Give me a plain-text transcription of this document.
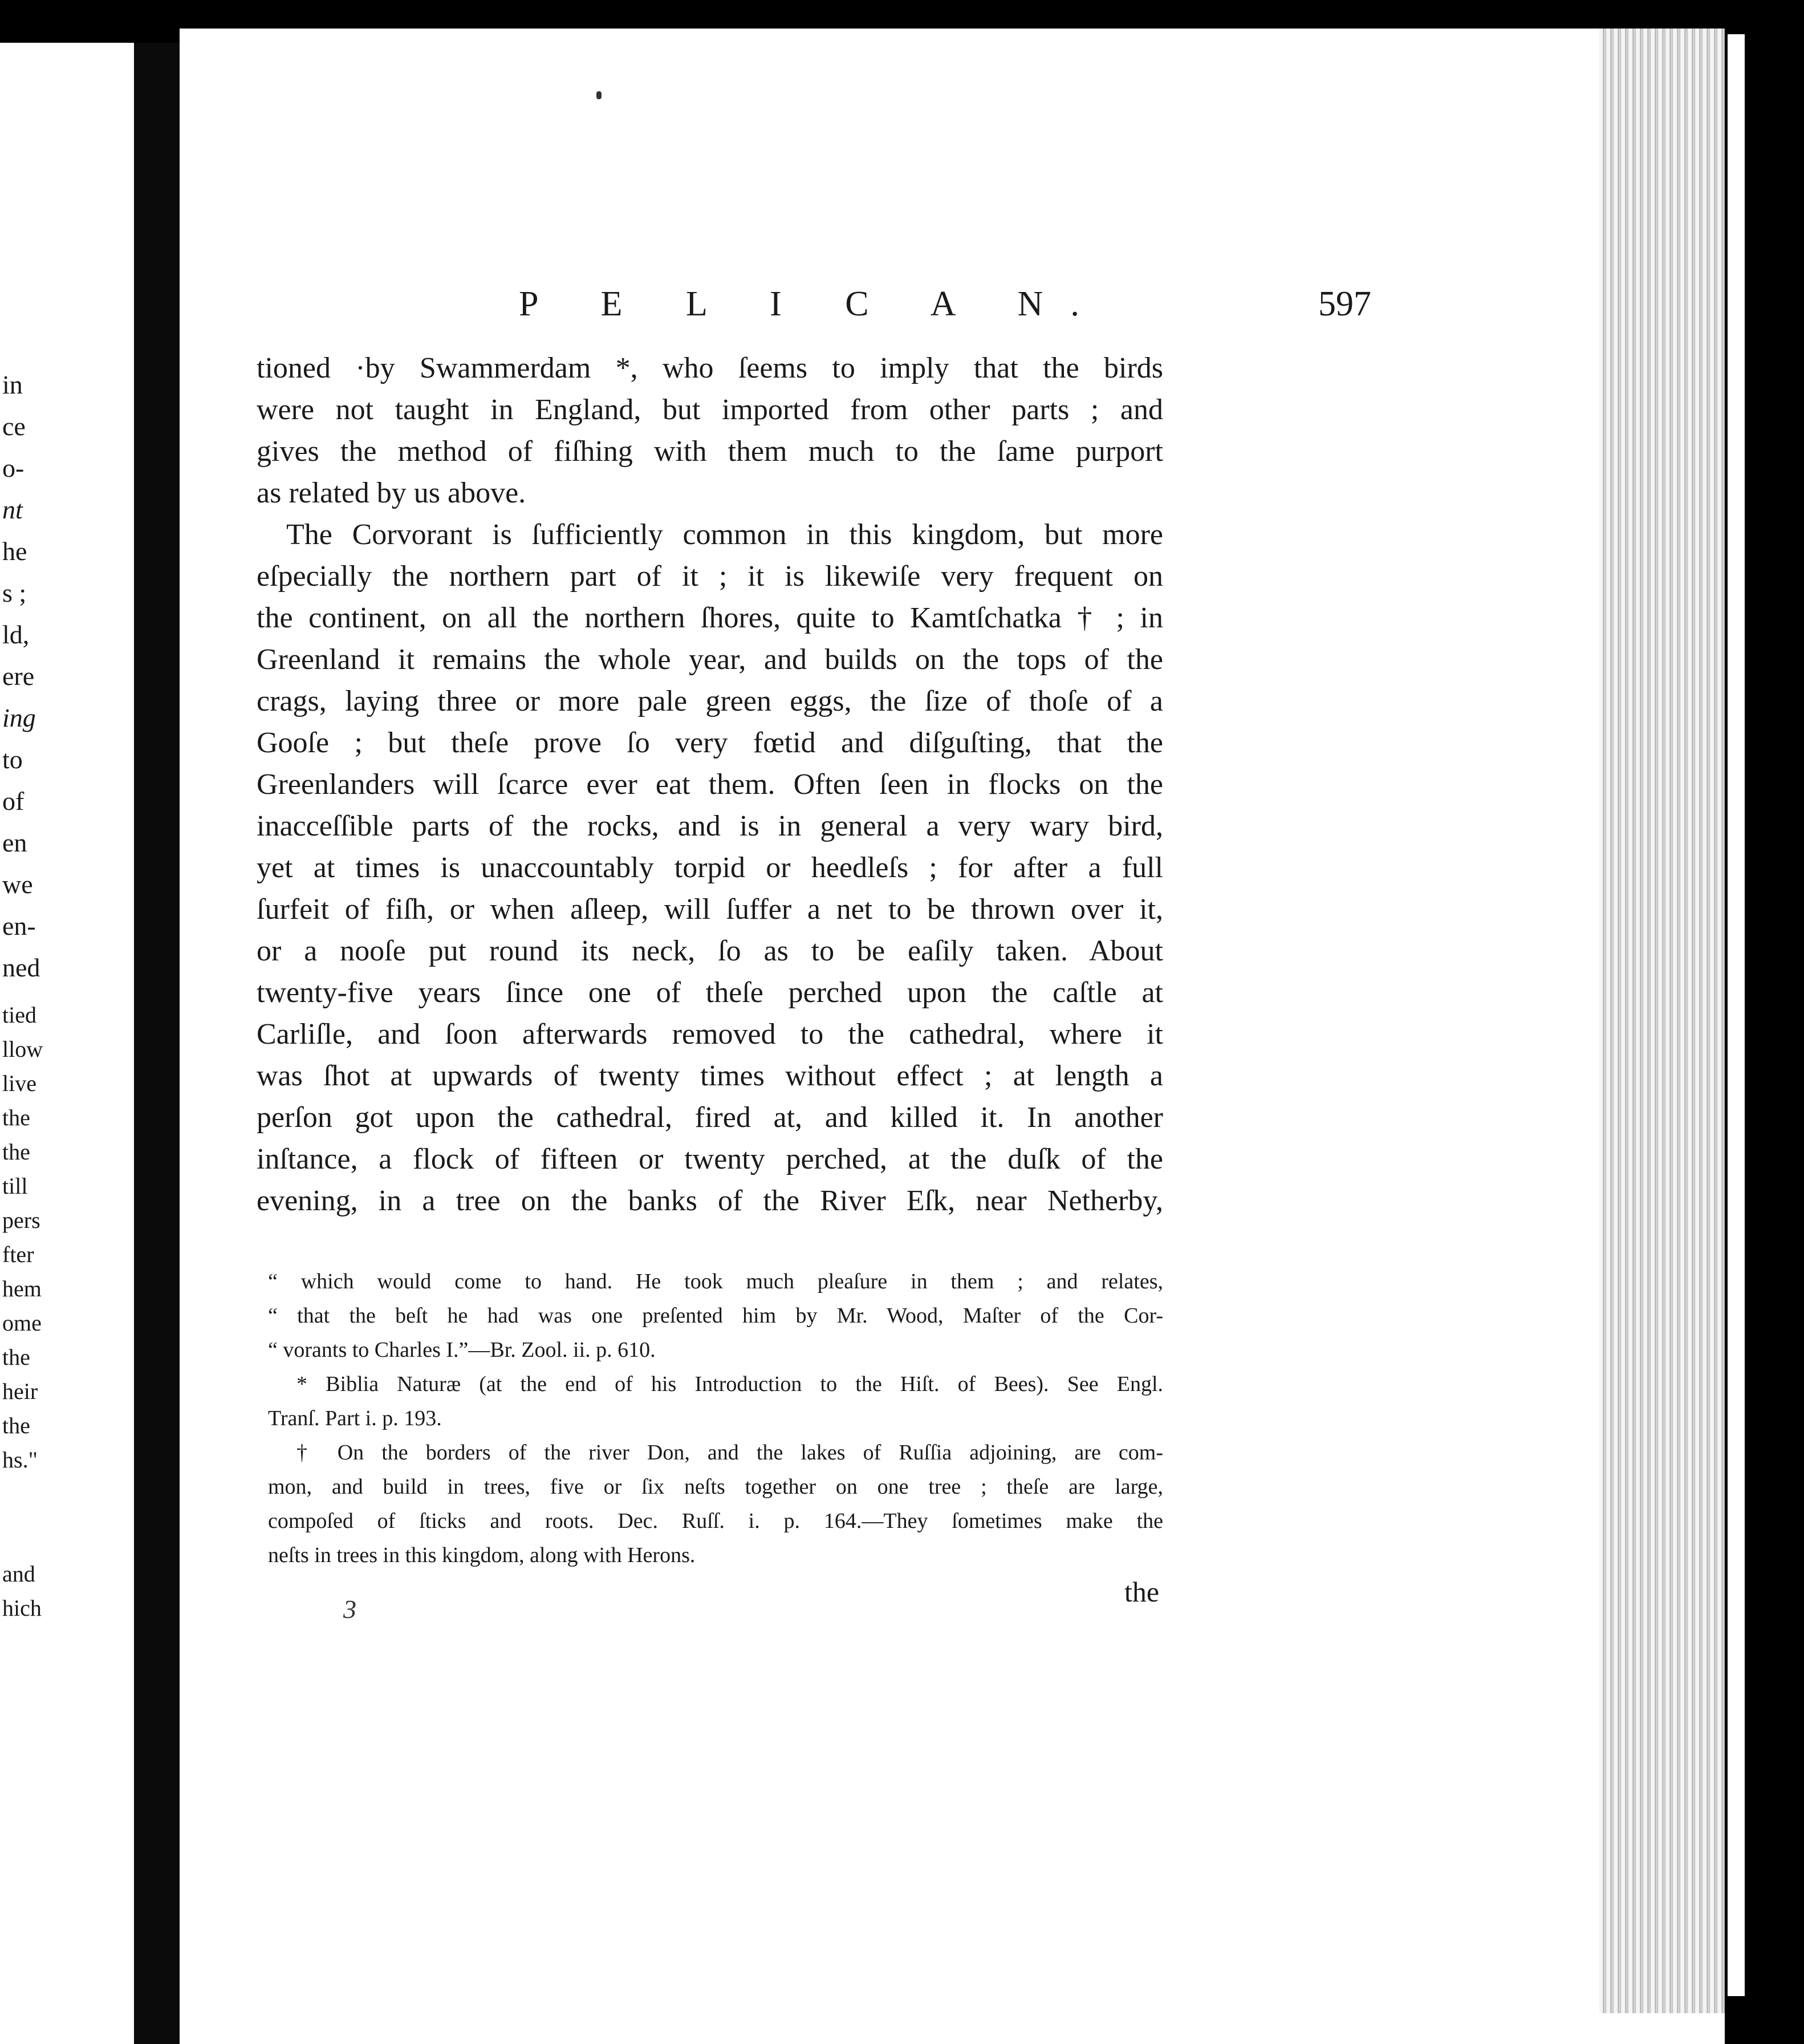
in
ce
o-
nt
he
s ;
ld,
ere
ing
to
of
en
we
en-
ned
tied
llow
live
the
the
till
pers
fter
hem
ome
the
heir
the
hs."
and
hich
P E L I C A N.	597
tioned ·by Swammerdam *, who ſeems to imply that the birds
were not taught in England, but imported from other parts ; and
gives the method of fiſhing with them much to the ſame purport
as related by us above.
The Corvorant is ſufficiently common in this kingdom, but more
eſpecially the northern part of it ; it is likewiſe very frequent on
the continent, on all the northern ſhores, quite to Kamtſchatka † ; in
Greenland it remains the whole year, and builds on the tops of the
crags, laying three or more pale green eggs, the ſize of thoſe of a
Gooſe ; but theſe prove ſo very fœtid and diſguſting, that the
Greenlanders will ſcarce ever eat them. Often ſeen in flocks on the
inacceſſible parts of the rocks, and is in general a very wary bird,
yet at times is unaccountably torpid or heedleſs ; for after a full
ſurfeit of fiſh, or when aſleep, will ſuffer a net to be thrown over it,
or a nooſe put round its neck, ſo as to be eaſily taken. About
twenty-five years ſince one of theſe perched upon the caſtle at
Carliſle, and ſoon afterwards removed to the cathedral, where it
was ſhot at upwards of twenty times without effect ; at length a
perſon got upon the cathedral, fired at, and killed it. In another
inſtance, a flock of fifteen or twenty perched, at the duſk of the
evening, in a tree on the banks of the River Eſk, near Netherby,
“ which would come to hand. He took much pleaſure in them ; and relates,
“ that the beſt he had was one preſented him by Mr. Wood, Maſter of the Cor-
“ vorants to Charles I.”—Br. Zool. ii. p. 610.
* Biblia Naturæ (at the end of his Introduction to the Hiſt. of Bees). See Engl.
Tranſ. Part i. p. 193.
† On the borders of the river Don, and the lakes of Ruſſia adjoining, are com-
mon, and build in trees, five or ſix neſts together on one tree ; theſe are large,
compoſed of ſticks and roots. Dec. Ruſſ. i. p. 164.—They ſometimes make the
neſts in trees in this kingdom, along with Herons.
the
3
